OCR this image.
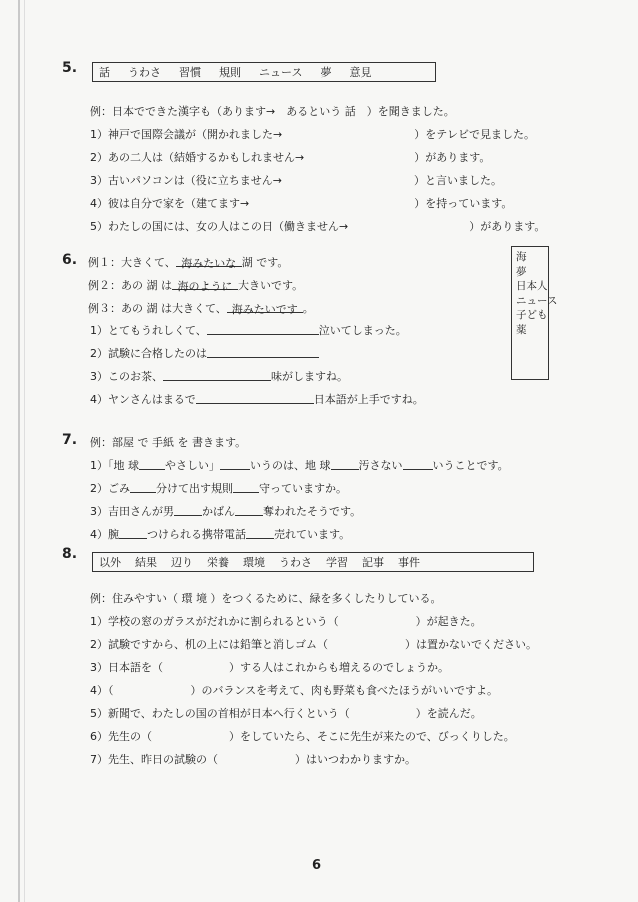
5. 話 うわさ 習慣 規則 ニュース 夢 意見
例：日本でできた漢字も（あります→　あるという 話　）を聞きました。
1）神戸で国際会議が（開かれました→　　　　　　　　　　　　）をテレビで見ました。
2）あの二人は（結婚するかもしれません→　　　　　　　　　　）があります。
3）古いパソコンは（役に立ちません→　　　　　　　　　　　　）と言いました。
4）彼は自分で家を（建てます→　　　　　　　　　　　　　　　）を持っています。
5）わたしの国には、女の人はこの日（働きません→　　　　　　　　　　　）があります。
6. 例１：大きくて、 海みたいな 湖 です。
例２：あの 湖 は 海のように 大きいです。
例３：あの 湖 は大きくて、 海みたいです 。
1）とてもうれしくて、	泣いてしまった。
2）試験に合格したのは
3）このお茶、	味がしますね。
4）ヤンさんはまるで	日本語が上手ですね。
海
夢
日本人
ニュース
子ども
薬
7. 例：部屋 で 手紙 を 書きます。
1）「地 球 やさしい」	いうのは、地 球	汚さない	いうことです。
2）ごみ 分けて出す規則 守っていますか。
3）吉田さんが男	かばん	奪われたそうです。
4）腕	つけられる携帯電話	売れています。
8.
以外 結果 辺り 栄養 環境 うわさ 学習 記事 事件
例：住みやすい（ 環 境 ）をつくるために、緑を多くしたりしている。
1）学校の窓のガラスがだれかに割られるという（　　　　　　　）が起きた。
2）試験ですから、机の上には鉛筆と消しゴム（　　　　　　　）は置かないでください。
3）日本語を（　　　　　　）する人はこれからも増えるのでしょうか。
4）（　　　　　　　）のバランスを考えて、肉も野菜も食べたほうがいいですよ。
5）新聞で、わたしの国の首相が日本へ行くという（　　　　　　）を読んだ。
6）先生の（　　　　　　　）をしていたら、そこに先生が来たので、びっくりした。
7）先生、昨日の試験の（　　　　　　　）はいつわかりますか。
6
